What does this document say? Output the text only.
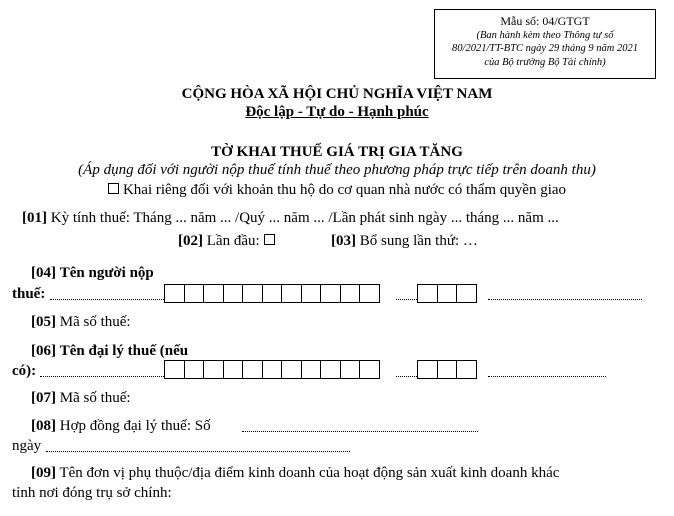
Mẫu số: 04/GTGT
(Ban hành kèm theo Thông tư số
80/2021/TT-BTC ngày 29 tháng 9 năm 2021
của Bộ trưởng Bộ Tài chính)
CỘNG HÒA XÃ HỘI CHỦ NGHĨA VIỆT NAM
Độc lập - Tự do - Hạnh phúc
TỜ KHAI THUẾ GIÁ TRỊ GIA TĂNG
(Áp dụng đối với người nộp thuế tính thuế theo phương pháp trực tiếp trên doanh thu)
Khai riêng đối với khoản thu hộ do cơ quan nhà nước có thẩm quyền giao
[01] Kỳ tính thuế: Tháng ... năm ... /Quý ... năm ... /Lần phát sinh ngày ... tháng ... năm ...
[02] Lần đầu:	[03] Bổ sung lần thứ: …
[04] Tên người nộp
thuế:
[05] Mã số thuế:
[06] Tên đại lý thuế (nếu
có):
[07] Mã số thuế:
[08] Hợp đồng đại lý thuế: Số
ngày
[09] Tên đơn vị phụ thuộc/địa điểm kinh doanh của hoạt động sản xuất kinh doanh khác
tỉnh nơi đóng trụ sở chính:
